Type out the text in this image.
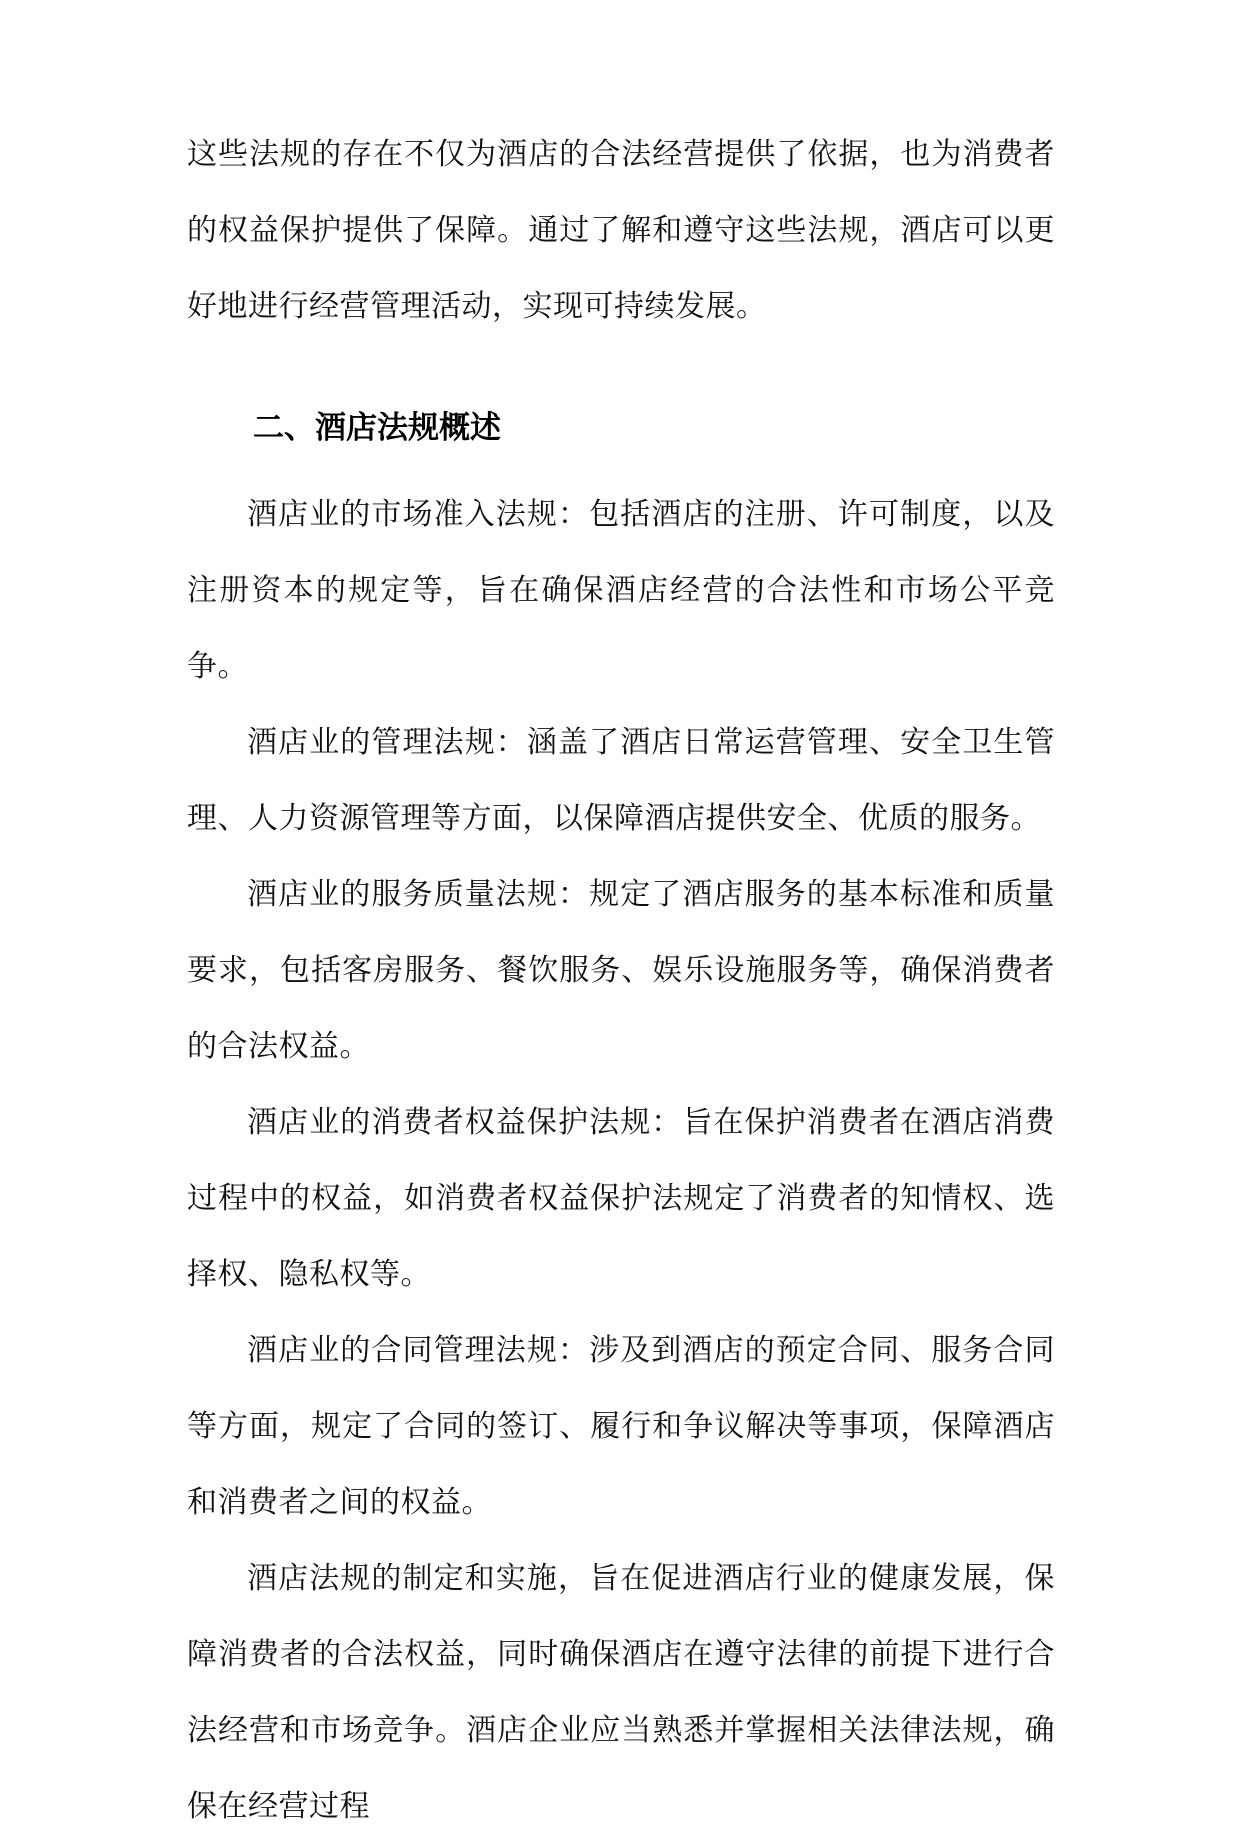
这些法规的存在不仅为酒店的合法经营提供了依据，也为消费者的权益保护提供了保障。通过了解和遵守这些法规，酒店可以更好地进行经营管理活动，实现可持续发展。

二、酒店法规概述

酒店业的市场准入法规：包括酒店的注册、许可制度，以及注册资本的规定等，旨在确保酒店经营的合法性和市场公平竞争。

酒店业的管理法规：涵盖了酒店日常运营管理、安全卫生管理、人力资源管理等方面，以保障酒店提供安全、优质的服务。

酒店业的服务质量法规：规定了酒店服务的基本标准和质量要求，包括客房服务、餐饮服务、娱乐设施服务等，确保消费者的合法权益。

酒店业的消费者权益保护法规：旨在保护消费者在酒店消费过程中的权益，如消费者权益保护法规定了消费者的知情权、选择权、隐私权等。

酒店业的合同管理法规：涉及到酒店的预定合同、服务合同等方面，规定了合同的签订、履行和争议解决等事项，保障酒店和消费者之间的权益。

酒店法规的制定和实施，旨在促进酒店行业的健康发展，保障消费者的合法权益，同时确保酒店在遵守法律的前提下进行合法经营和市场竞争。酒店企业应当熟悉并掌握相关法律法规，确保在经营过程
